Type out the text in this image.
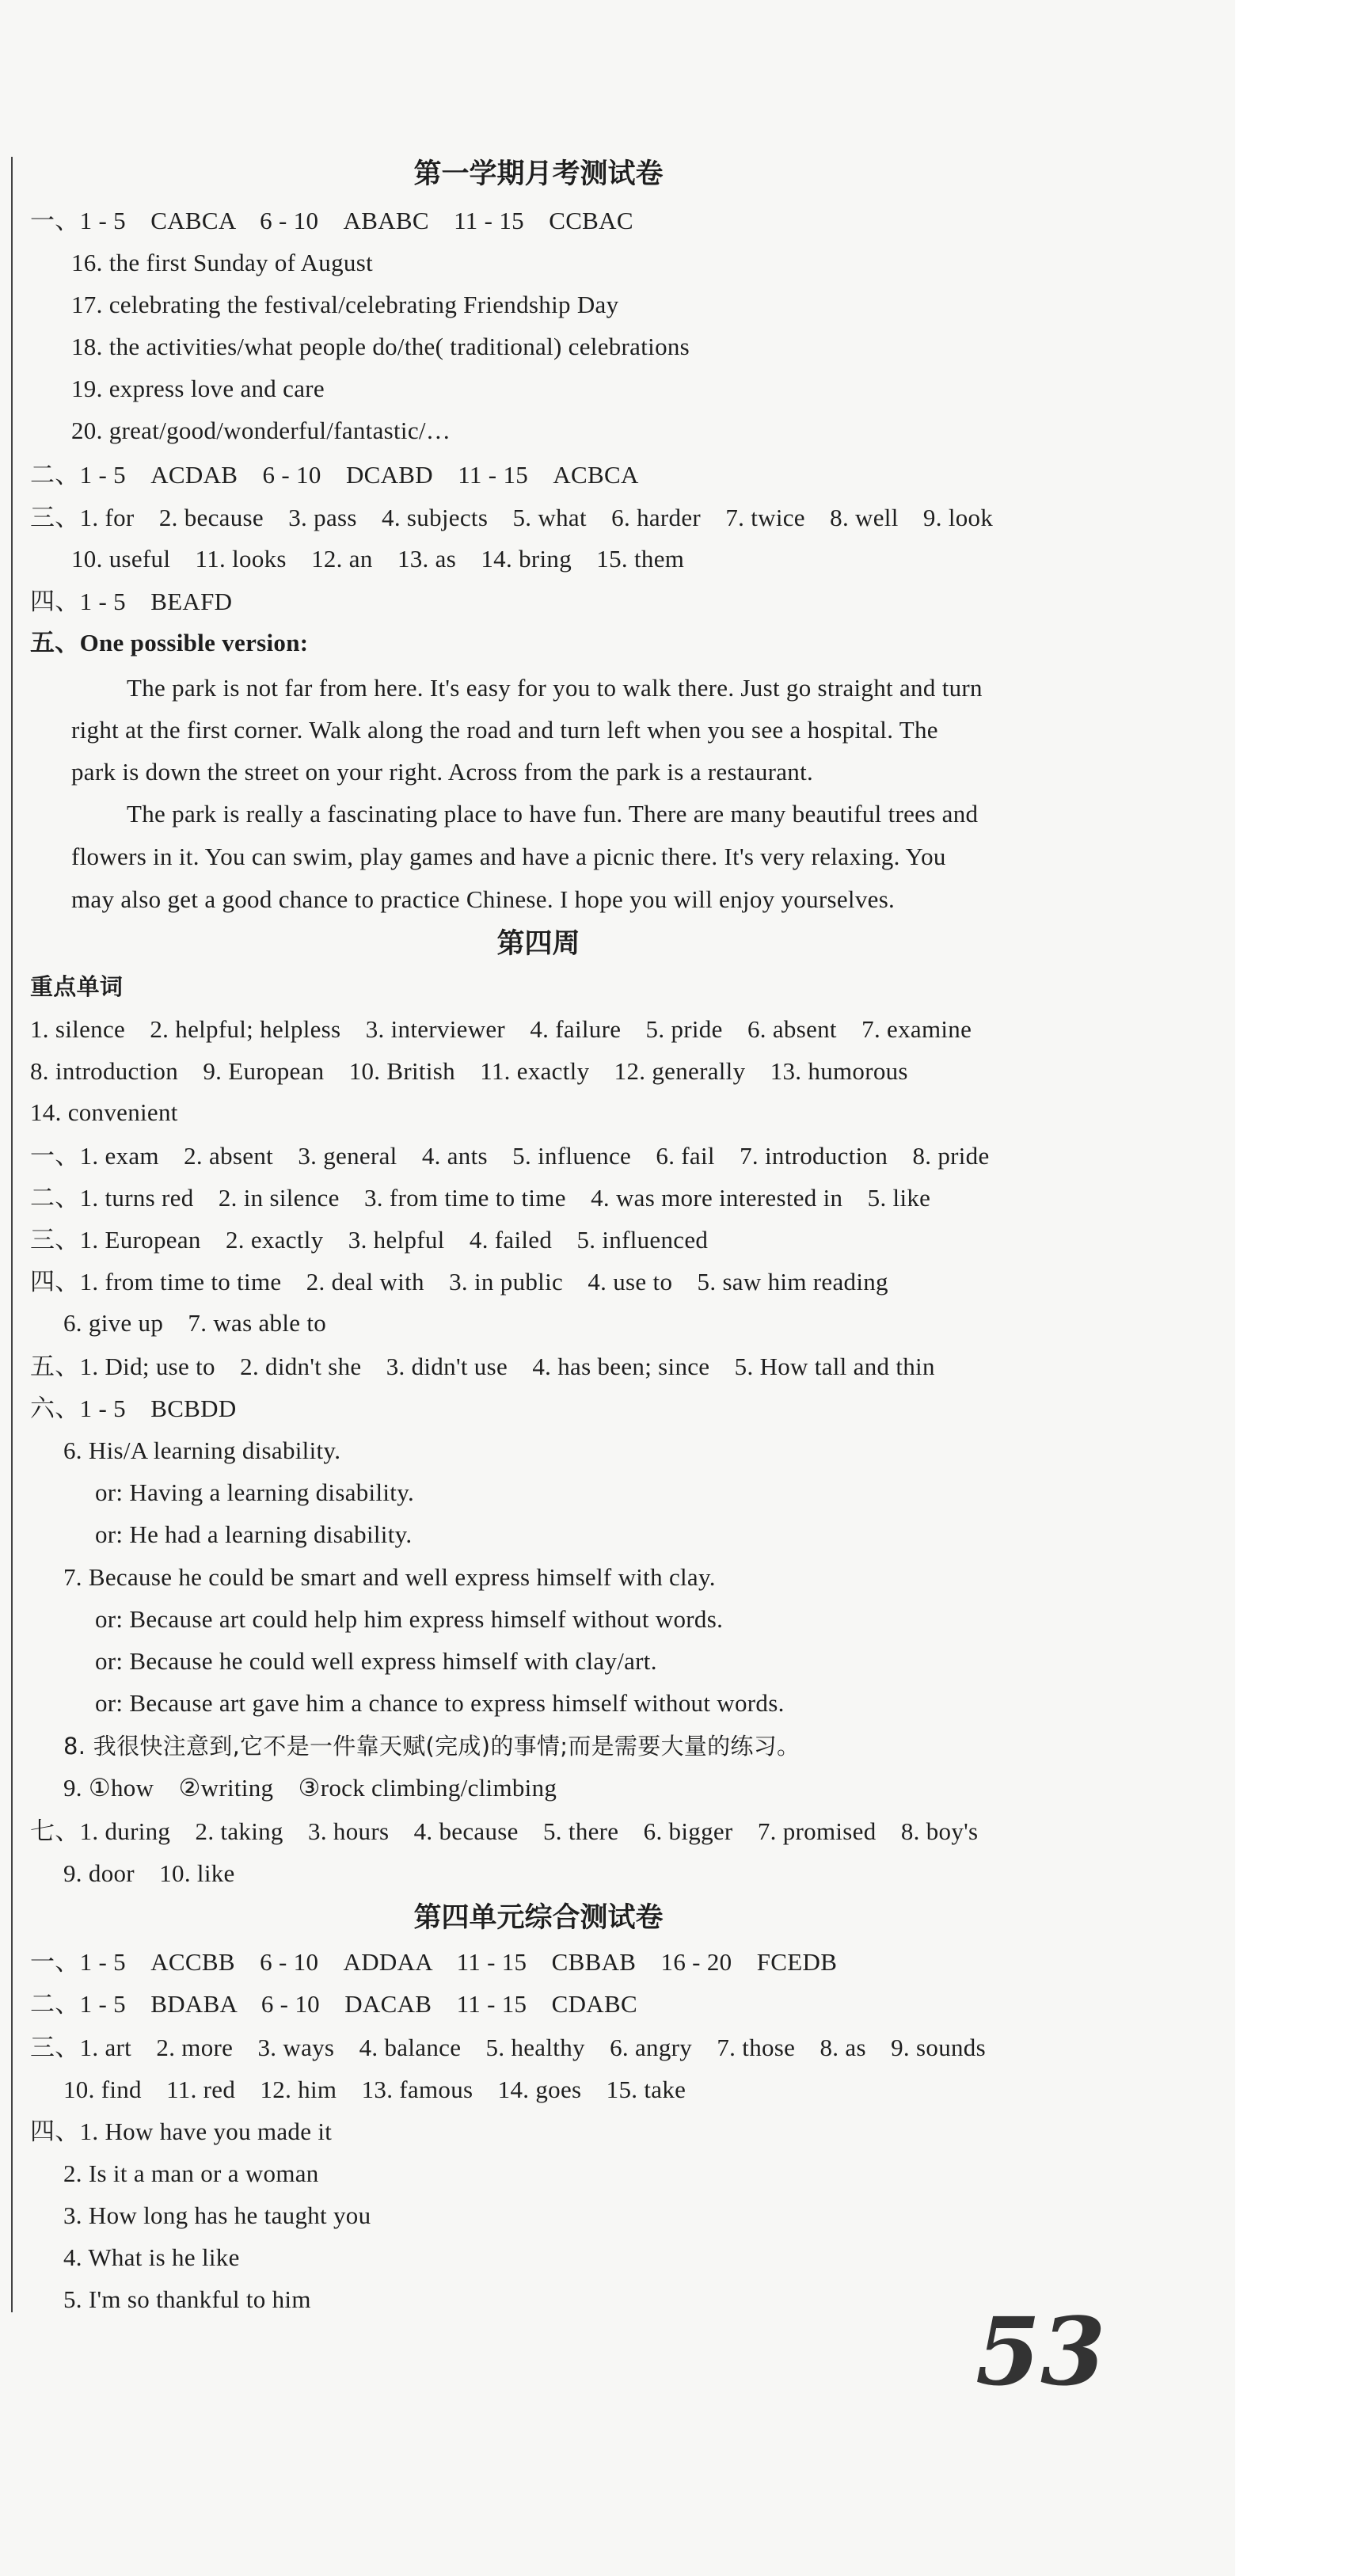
第一学期月考测试卷
一、1 - 5　CABCA　6 - 10　ABABC　11 - 15　CCBAC
16. the first Sunday of August
17. celebrating the festival/celebrating Friendship Day
18. the activities/what people do/the( traditional) celebrations
19. express love and care
20. great/good/wonderful/fantastic/…
二、1 - 5　ACDAB　6 - 10　DCABD　11 - 15　ACBCA
三、1. for　2. because　3. pass　4. subjects　5. what　6. harder　7. twice　8. well　9. look
10. useful　11. looks　12. an　13. as　14. bring　15. them
四、1 - 5　BEAFD
五、One possible version:
The park is not far from here. It's easy for you to walk there. Just go straight and turn
right at the first corner. Walk along the road and turn left when you see a hospital. The
park is down the street on your right. Across from the park is a restaurant.
The park is really a fascinating place to have fun. There are many beautiful trees and
flowers in it. You can swim, play games and have a picnic there. It's very relaxing. You
may also get a good chance to practice Chinese. I hope you will enjoy yourselves.
第四周
重点单词
1. silence　2. helpful; helpless　3. interviewer　4. failure　5. pride　6. absent　7. examine
8. introduction　9. European　10. British　11. exactly　12. generally　13. humorous
14. convenient
一、1. exam　2. absent　3. general　4. ants　5. influence　6. fail　7. introduction　8. pride
二、1. turns red　2. in silence　3. from time to time　4. was more interested in　5. like
三、1. European　2. exactly　3. helpful　4. failed　5. influenced
四、1. from time to time　2. deal with　3. in public　4. use to　5. saw him reading
6. give up　7. was able to
五、1. Did; use to　2. didn't she　3. didn't use　4. has been; since　5. How tall and thin
六、1 - 5　BCBDD
6. His/A learning disability.
or: Having a learning disability.
or: He had a learning disability.
7. Because he could be smart and well express himself with clay.
or: Because art could help him express himself without words.
or: Because he could well express himself with clay/art.
or: Because art gave him a chance to express himself without words.
8. 我很快注意到,它不是一件靠天赋(完成)的事情;而是需要大量的练习。
9. ①how　②writing　③rock climbing/climbing
七、1. during　2. taking　3. hours　4. because　5. there　6. bigger　7. promised　8. boy's
9. door　10. like
第四单元综合测试卷
一、1 - 5　ACCBB　6 - 10　ADDAA　11 - 15　CBBAB　16 - 20　FCEDB
二、1 - 5　BDABA　6 - 10　DACAB　11 - 15　CDABC
三、1. art　2. more　3. ways　4. balance　5. healthy　6. angry　7. those　8. as　9. sounds
10. find　11. red　12. him　13. famous　14. goes　15. take
四、1. How have you made it
2. Is it a man or a woman
3. How long has he taught you
4. What is he like
5. I'm so thankful to him	53
